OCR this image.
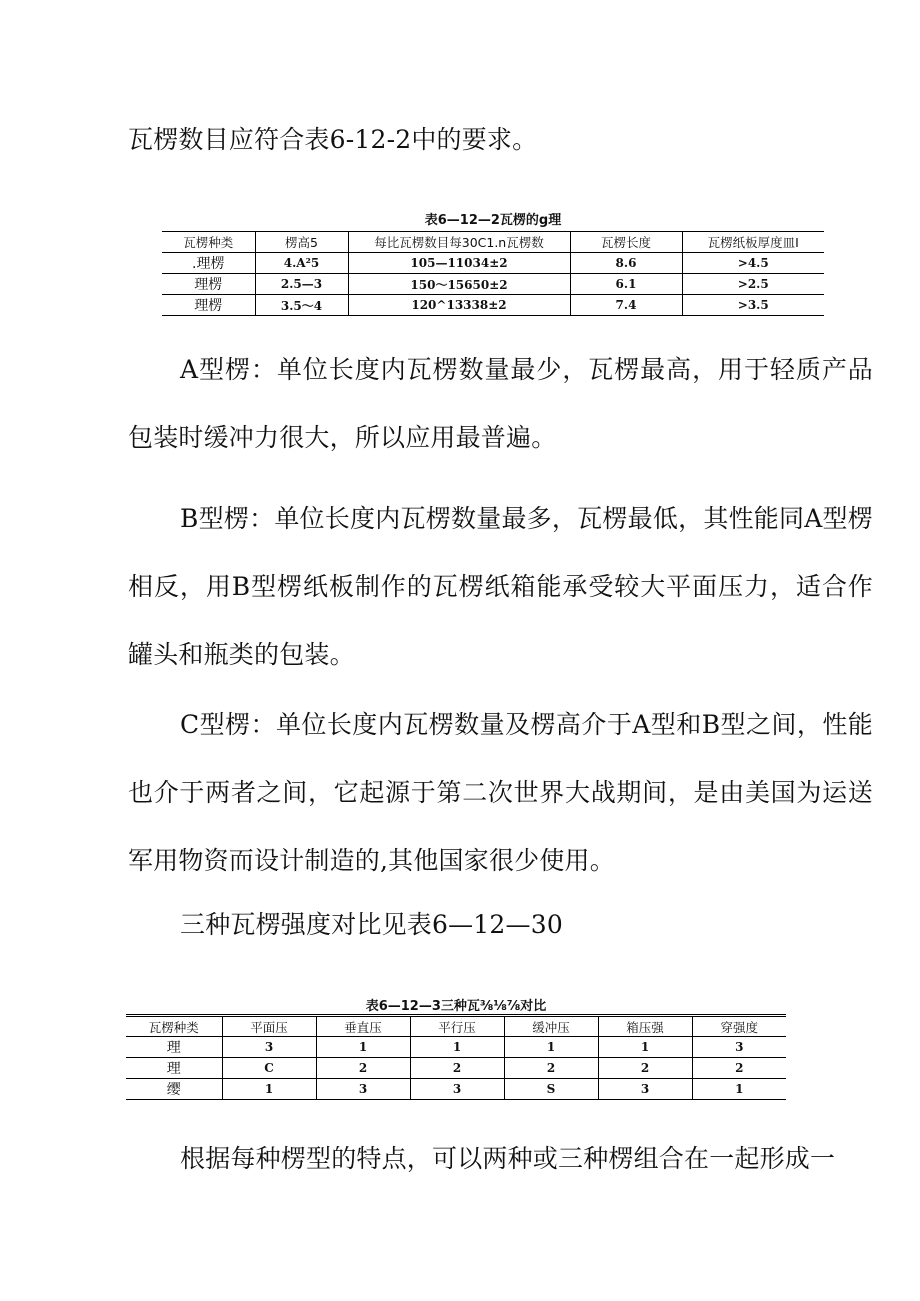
瓦楞数目应符合表6-12-2中的要求。

表6—12—2瓦楞的g理
瓦楞种类	楞高5	每比瓦楞数目每30C1.n瓦楞数	瓦楞长度	瓦楞纸板厚度皿I
.理楞	4.A²5	105—11034±2	8.6	>4.5
理楞	2.5—3	150～15650±2	6.1	>2.5
理楞	3.5～4	120^13338±2	7.4	>3.5

A型楞：单位长度内瓦楞数量最少，瓦楞最高，用于轻质产品包装时缓冲力很大，所以应用最普遍。

B型楞：单位长度内瓦楞数量最多，瓦楞最低，其性能同A型楞相反，用B型楞纸板制作的瓦楞纸箱能承受较大平面压力，适合作罐头和瓶类的包装。

C型楞：单位长度内瓦楞数量及楞高介于A型和B型之间，性能也介于两者之间，它起源于第二次世界大战期间，是由美国为运送军用物资而设计制造的,其他国家很少使用。

三种瓦楞强度对比见表6—12—30

表6—12—3三种瓦⅜⅛⅞对比
瓦楞种类	平面压	垂直压	平行压	缓冲压	箱压强	穿强度
理	3	1	1	1	1	3
理	C	2	2	2	2	2
缨	1	3	3	S	3	1

根据每种楞型的特点，可以两种或三种楞组合在一起形成一
